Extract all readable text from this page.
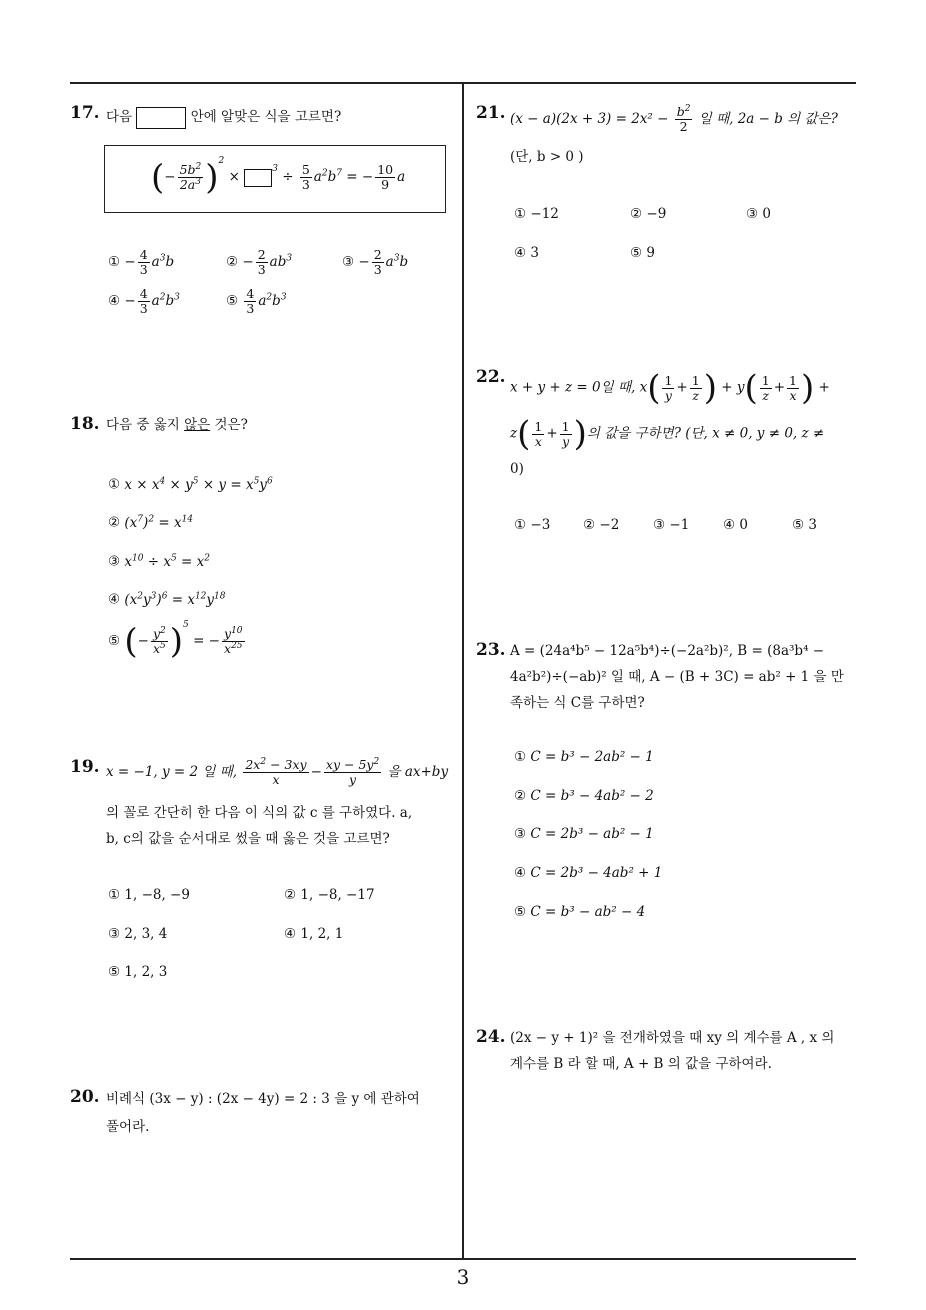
3
17. 다음	안에 알맞은 식을 고르면?
(− $\frac{5b^2}{2a^3} )^2$ ×	$^3 \div \frac{5}{3} a^2b^7$ = − $\frac{10}{9}$ a
① − $\frac{4}{3} a^3b$	② − $\frac{2}{3} ab^3$	③ − $\frac{2}{3} a^3b$
④ − $\frac{4}{3} a^2b^3$	⑤ $\frac{4}{3} a^2b^3$
18. 다음 중 옳지 않은 것은?
① $x \times x^4 \times y^5 \times y = x^5y^6$
② $(x^7)^2 = x^{14}$
③ $x^{10} \div x^5 = x^2$
④ $(x^2y^3)^6 = x^{12}y^{18}$
⑤ (− $\frac{y^2}{x^5} )^5$ = − $\frac{y^{10}}{x^{25}}$
19. x = −1, y = 2 일 때, $\frac{2x^2 - 3xy}{x} - \frac{xy - 5y^2}{y}$ 을 ax+by
의 꼴로 간단히 한 다음 이 식의 값 c 를 구하였다. a,
b, c의 값을 순서대로 썼을 때 옳은 것을 고르면?
① 1, −8, −9	② 1, −8, −17
③ 2, 3, 4	④ 1, 2, 1
⑤ 1, 2, 3
20. 비례식 (3x − y) : (2x − 4y) = 2 : 3 을 y 에 관하여
풀어라.
21. $(x - a)(2x + 3) = 2x^2 - \frac{b^2}{2}$ 일 때, 2a − b 의 값은?
(단, b > 0 )
① −12	② −9	③ 0
④ 3	⑤ 9
22.
x + y + z = 0일 때, $x( \frac{1}{y} + \frac{1}{z}$ ) + $y( \frac{1}{z} + \frac{1}{x}$ ) +
$z( \frac{1}{x} + \frac{1}{y}$ )의 값을 구하면? (단, x ≠ 0, y ≠ 0, z ≠
0)
① −3 ② −2 ③ −1 ④ 0	⑤ 3
23. A = (24a⁴b⁵ − 12a⁵b⁴)÷(−2a²b)², B = (8a³b⁴ −
4a²b²)÷(−ab)² 일 때, A − (B + 3C) = ab² + 1 을 만
족하는 식 C를 구하면?
① C = b³ − 2ab² − 1
② C = b³ − 4ab² − 2
③ C = 2b³ − ab² − 1
④ C = 2b³ − 4ab² + 1
⑤ C = b³ − ab² − 4
24. (2x − y + 1)² 을 전개하였을 때 xy 의 계수를 A , x 의
계수를 B 라 할 때, A + B 의 값을 구하여라.
